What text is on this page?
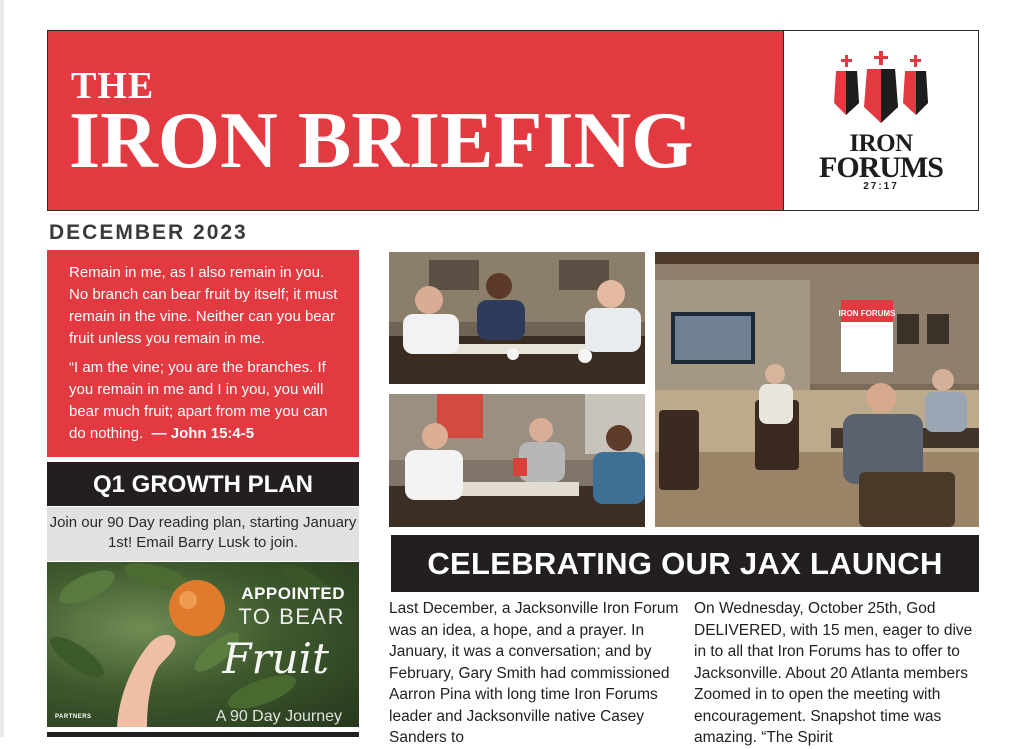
THE
IRON BRIEFING	IRON
FORUMS
27:17
DECEMBER 2023

Remain in me, as I also remain in you. No branch can bear fruit by itself; it must remain in the vine. Neither can you bear fruit unless you remain in me.

“I am the vine; you are the branches. If you remain in me and I in you, you will bear much fruit; apart from me you can do nothing. — John 15:4-5

Q1 GROWTH PLAN
Join our 90 Day reading plan, starting January 1st! Email Barry Lusk to join.
APPOINTED
TO BEAR
Fruit
A 90 Day Journey
PARTNERS
IRON FORUMS
CELEBRATING OUR JAX LAUNCH

Last December, a Jacksonville Iron Forum was an idea, a hope, and a prayer. In January, it was a conversation; and by February, Gary Smith had commissioned Aarron Pina with long time Iron Forums leader and Jacksonville native Casey Sanders to

On Wednesday, October 25th, God DELIVERED, with 15 men, eager to dive in to all that Iron Forums has to offer to Jacksonville. About 20 Atlanta members Zoomed in to open the meeting with encouragement. Snapshot time was amazing. “The Spirit
